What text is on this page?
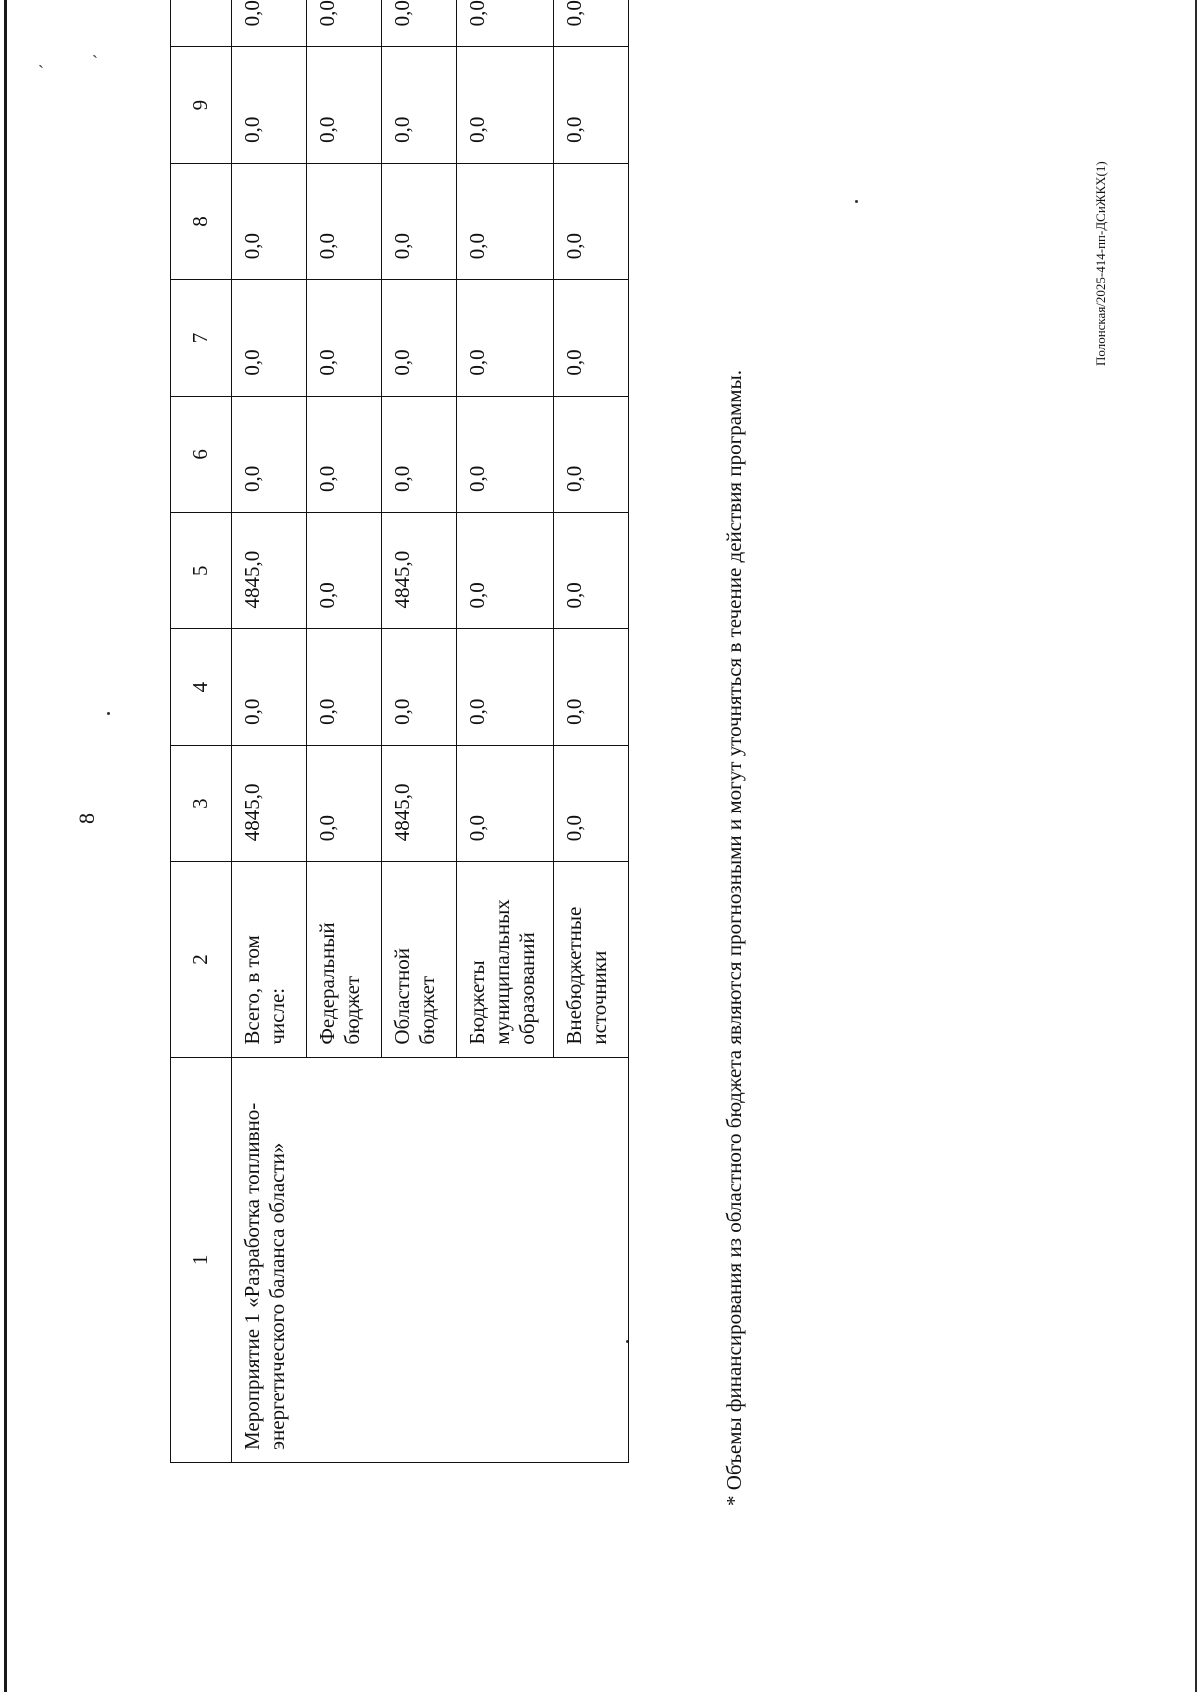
ˎ	ˏ
8
1	2	3	4	5	6	7	8	9	
Мероприятие 1 «Разработка топливно-энергетического баланса области»	Всего, в том числе:	4845,0	0,0	4845,0	0,0	0,0	0,0	0,0	0,0
	Федеральный бюджет	0,0	0,0	0,0	0,0	0,0	0,0	0,0	0,0
	Областной бюджет	4845,0	0,0	4845,0	0,0	0,0	0,0	0,0	0,0
	Бюджеты муниципальных образований	0,0	0,0	0,0	0,0	0,0	0,0	0,0	0,0
	Внебюджетные источники	0,0	0,0	0,0	0,0	0,0	0,0	0,0	0,0
* Объемы финансирования из областного бюджета являются прогнозными и могут уточняться в течение действия программы.
Полонская/2025-414-пп-ДСиЖКХ(1)
